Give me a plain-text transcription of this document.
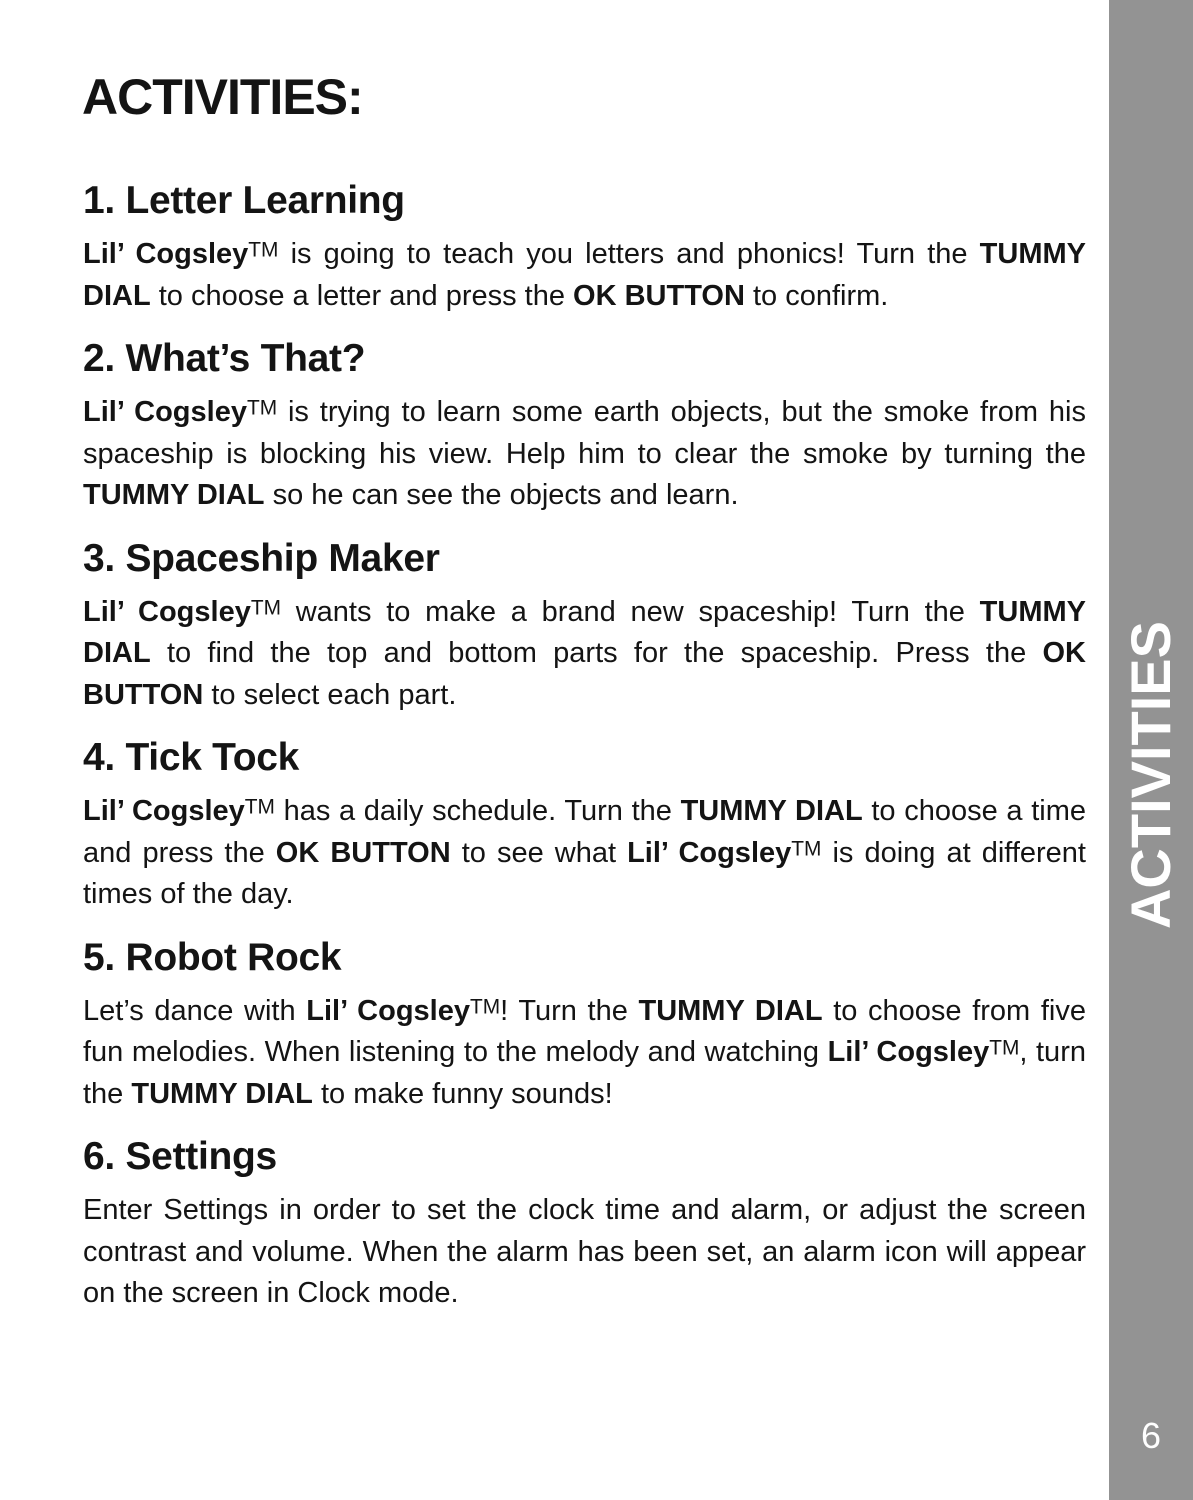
ACTIVITIES:
1. Letter Learning

Lil’ Cogsley™ is going to teach you letters and phonics! Turn the TUMMY DIAL to choose a letter and press the OK BUTTON to confirm.

2. What’s That?

Lil’ Cogsley™ is trying to learn some earth objects, but the smoke from his spaceship is blocking his view. Help him to clear the smoke by turning the TUMMY DIAL so he can see the objects and learn.

3. Spaceship Maker

Lil’ Cogsley™ wants to make a brand new spaceship! Turn the TUMMY DIAL to find the top and bottom parts for the spaceship. Press the OK BUTTON to select each part.

4. Tick Tock

Lil’ Cogsley™ has a daily schedule. Turn the TUMMY DIAL to choose a time and press the OK BUTTON to see what Lil’ Cogsley™ is doing at different times of the day.

5. Robot Rock

Let’s dance with Lil’ Cogsley™! Turn the TUMMY DIAL to choose from five fun melodies. When listening to the melody and watching Lil’ Cogsley™, turn the TUMMY DIAL to make funny sounds!

6. Settings

Enter Settings in order to set the clock time and alarm, or adjust the screen contrast and volume. When the alarm has been set, an alarm icon will appear on the screen in Clock mode.

ACTIVITIES
6
